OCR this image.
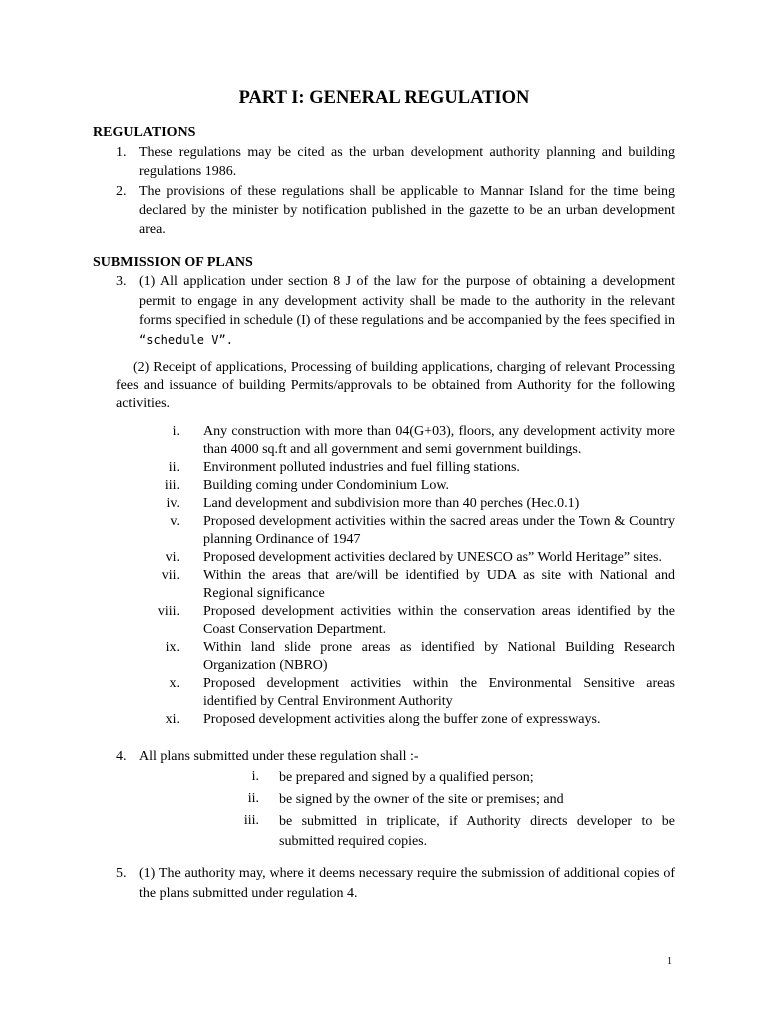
PART I: GENERAL REGULATION
REGULATIONS
1. These regulations may be cited as the urban development authority planning and building regulations 1986.
2. The provisions of these regulations shall be applicable to Mannar Island for the time being declared by the minister by notification published in the gazette to be an urban development area.
SUBMISSION OF PLANS
3. (1) All application under section 8 J of the law for the purpose of obtaining a development permit to engage in any development activity shall be made to the authority in the relevant forms specified in schedule (I) of these regulations and be accompanied by the fees specified in “schedule V”.
(2) Receipt of applications, Processing of building applications, charging of relevant Processing fees and issuance of building Permits/approvals to be obtained from Authority for the following activities.
i. Any construction with more than 04(G+03), floors, any development activity more than 4000 sq.ft and all government and semi government buildings.
ii. Environment polluted industries and fuel filling stations.
iii. Building coming under Condominium Low.
iv. Land development and subdivision more than 40 perches (Hec.0.1)
v. Proposed development activities within the sacred areas under the Town & Country planning Ordinance of 1947
vi. Proposed development activities declared by UNESCO as” World Heritage” sites.
vii. Within the areas that are/will be identified by UDA as site with National and Regional significance
viii. Proposed development activities within the conservation areas identified by the Coast Conservation Department.
ix. Within land slide prone areas as identified by National Building Research Organization (NBRO)
x. Proposed development activities within the Environmental Sensitive areas identified by Central Environment Authority
xi. Proposed development activities along the buffer zone of expressways.
4. All plans submitted under these regulation shall :-
i. be prepared and signed by a qualified person;
ii. be signed by the owner of the site or premises; and
iii. be submitted in triplicate, if Authority directs developer to be submitted required copies.
5. (1) The authority may, where it deems necessary require the submission of additional copies of the plans submitted under regulation 4.
1
